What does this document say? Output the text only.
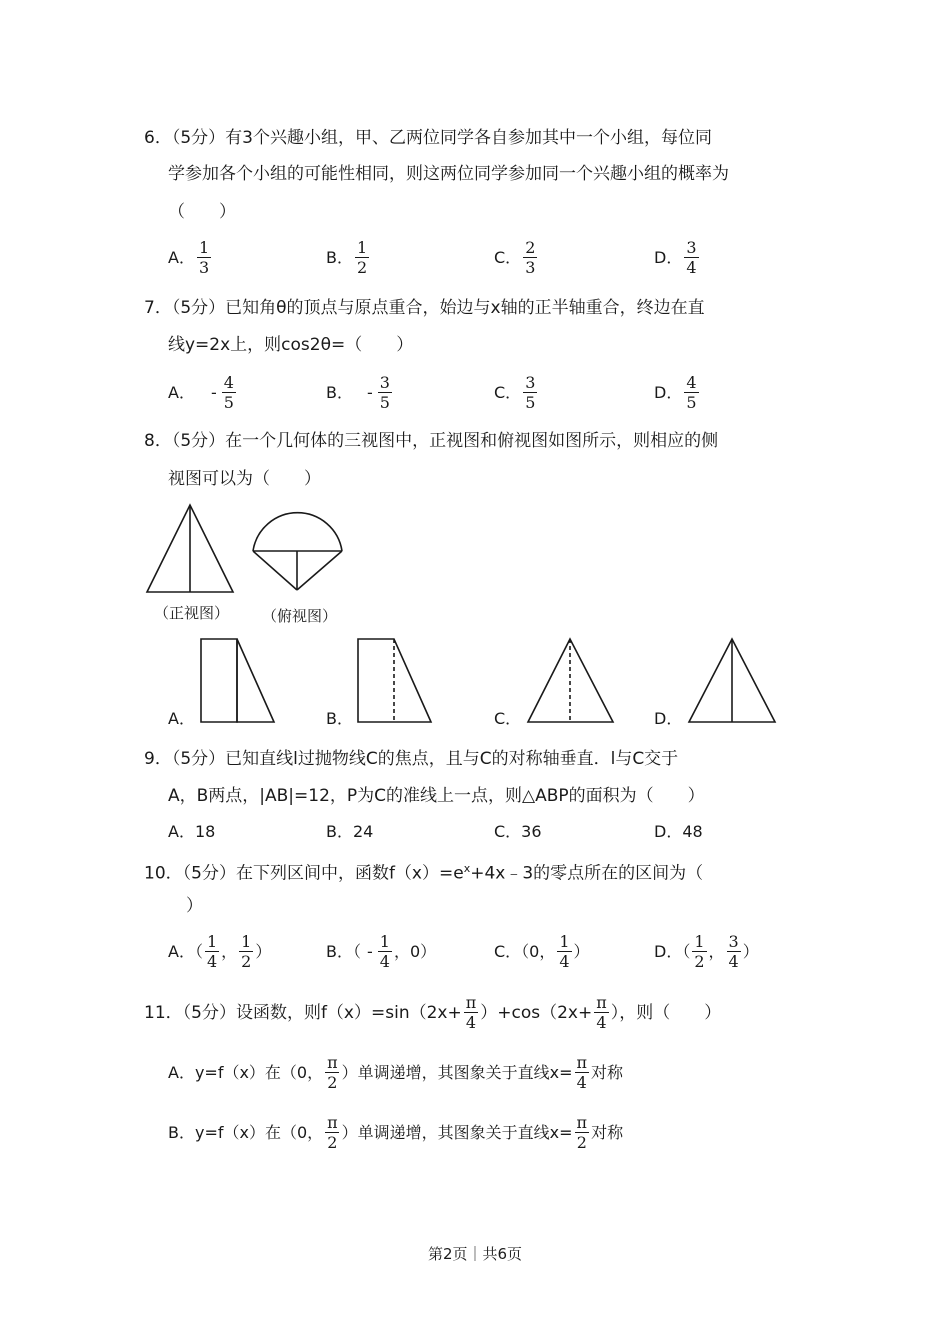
6．（5分）有3个兴趣小组，甲、乙两位同学各自参加其中一个小组，每位同
学参加各个小组的可能性相同，则这两位同学参加同一个兴趣小组的概率为
（　　）
A． $\frac{1}{3}$	B． $\frac{1}{2}$	C． $\frac{2}{3}$	D． $\frac{3}{4}$
7．（5分）已知角θ的顶点与原点重合，始边与x轴的正半轴重合，终边在直
线y=2x上，则cos2θ=（　　）
A． - $\frac{4}{5}$	B． - $\frac{3}{5}$	C． $\frac{3}{5}$	D． $\frac{4}{5}$
8．（5分）在一个几何体的三视图中，正视图和俯视图如图所示，则相应的侧
视图可以为（　　）
（正视图） （俯视图）
A．	B．	C．	D．
9．（5分）已知直线l过抛物线C的焦点，且与C的对称轴垂直．l与C交于
A，B两点，|AB|=12，P为C的准线上一点，则△ABP的面积为（　　）
A．18	B．24	C．36	D．48
10．（5分）在下列区间中，函数$f(x)=e^x+4x﹣3$的零点所在的区间为（
）
A．（ $\frac{1}{4}$ ， $\frac{1}{2}$ ）	B．（ - $\frac{1}{4}$ ，0）	C．（0， $\frac{1}{4}$ ）	D．（ $\frac{1}{2}$ ， $\frac{3}{4}$ ）
11．（5分）设函数，则$f(x)=\sin(2x+ \frac{\pi}{4} )+\cos(2x+ \frac{\pi}{4}$ ），则（　　）
A．y=f（x）在（0， $\frac{\pi}{2}$ ）单调递增，其图象关于直线$x= \frac{\pi}{4}$ 对称
B．y=f（x）在（0， $\frac{\pi}{2}$ ）单调递增，其图象关于直线$x= \frac{\pi}{2}$ 对称
第2页｜共6页
